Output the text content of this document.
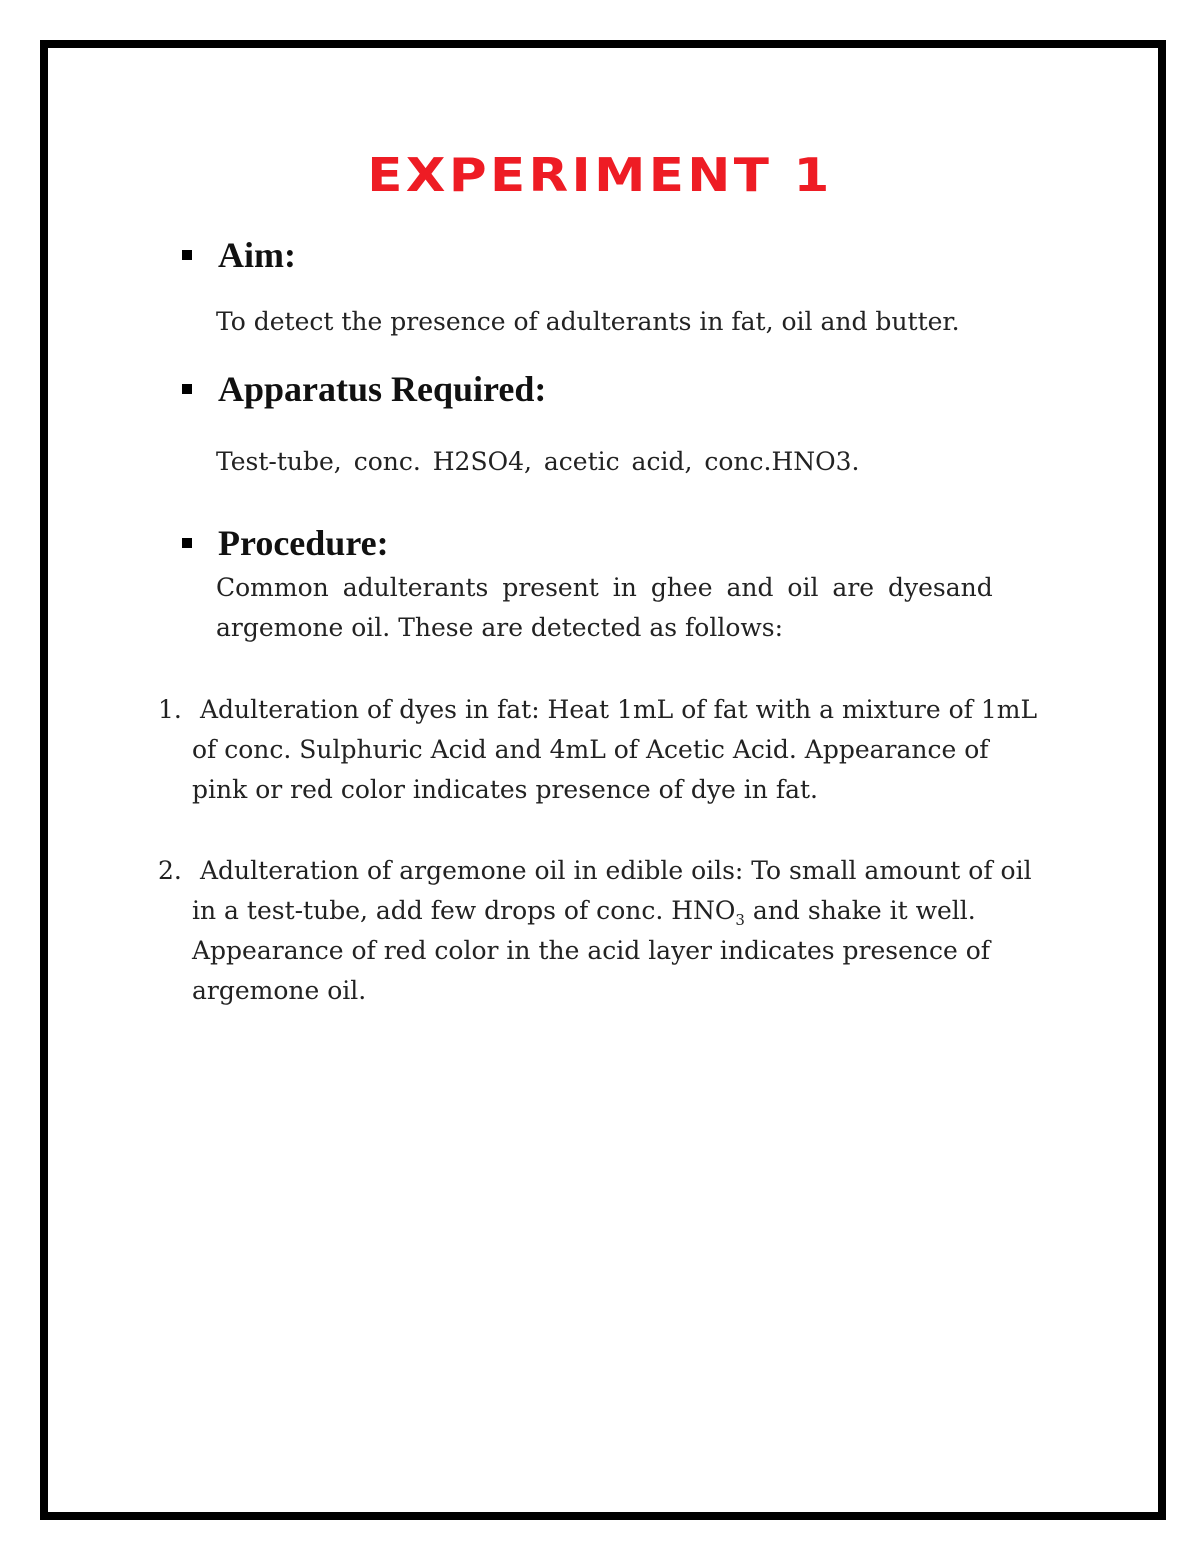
EXPERIMENT 1
Aim:
To detect the presence of adulterants in fat, oil and butter.
Apparatus Required:
Test-tube, conc. H2SO4, acetic acid, conc.HNO3.
Procedure:
Common adulterants present in ghee and oil are dyesand
argemone oil. These are detected as follows:
1. Adulteration of dyes in fat: Heat 1mL of fat with a mixture of 1mL
of conc. Sulphuric Acid and 4mL of Acetic Acid. Appearance of
pink or red color indicates presence of dye in fat.
2. Adulteration of argemone oil in edible oils: To small amount of oil
in a test-tube, add few drops of conc. $HNO_3$ and shake it well.
Appearance of red color in the acid layer indicates presence of
argemone oil.
